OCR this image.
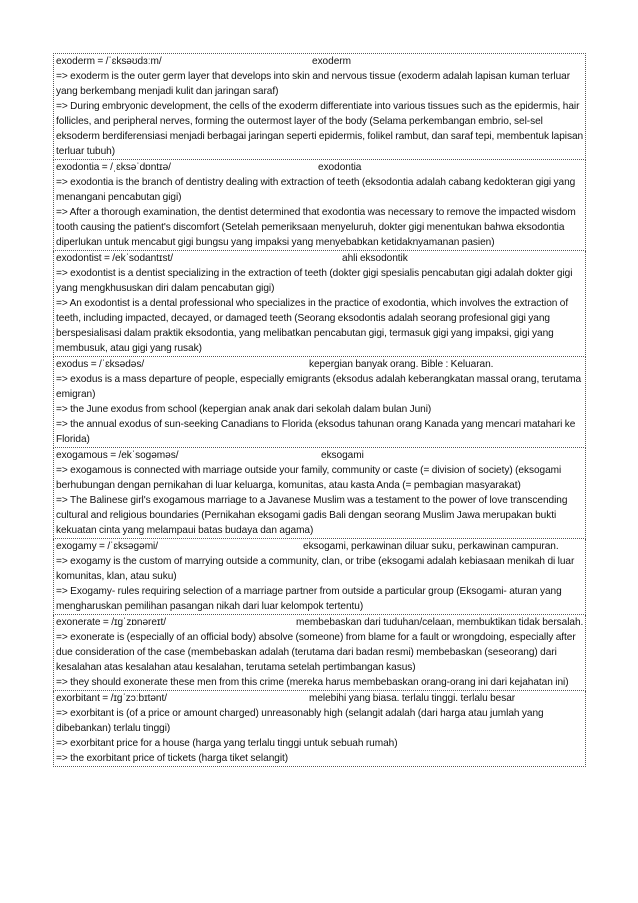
exoderm = /ˈɛksəʊdɜːm/	exoderm

=> exoderm is the outer germ layer that develops into skin and nervous tissue (exoderm adalah lapisan kuman terluar yang berkembang menjadi kulit dan jaringan saraf)

=> During embryonic development, the cells of the exoderm differentiate into various tissues such as the epidermis, hair follicles, and peripheral nerves, forming the outermost layer of the body (Selama perkembangan embrio, sel-sel eksoderm berdiferensiasi menjadi berbagai jaringan seperti epidermis, folikel rambut, dan saraf tepi, membentuk lapisan terluar tubuh)

exodontia = /ˌɛksəˈdɒntɪə/	exodontia

=> exodontia is the branch of dentistry dealing with extraction of teeth (eksodontia adalah cabang kedokteran gigi yang menangani pencabutan gigi)

=> After a thorough examination, the dentist determined that exodontia was necessary to remove the impacted wisdom tooth causing the patient's discomfort (Setelah pemeriksaan menyeluruh, dokter gigi menentukan bahwa eksodontia diperlukan untuk mencabut gigi bungsu yang impaksi yang menyebabkan ketidaknyamanan pasien)

exodontist = /ekˈsodantɪst/	ahli eksodontik

=> exodontist is a dentist specializing in the extraction of teeth (dokter gigi spesialis pencabutan gigi adalah dokter gigi yang mengkhususkan diri dalam pencabutan gigi)

=> An exodontist is a dental professional who specializes in the practice of exodontia, which involves the extraction of teeth, including impacted, decayed, or damaged teeth (Seorang eksodontis adalah seorang profesional gigi yang berspesialisasi dalam praktik eksodontia, yang melibatkan pencabutan gigi, termasuk gigi yang impaksi, gigi yang membusuk, atau gigi yang rusak)

exodus = /ˈɛksədəs/	kepergian banyak orang. Bible : Keluaran.

=> exodus is a mass departure of people, especially emigrants (eksodus adalah keberangkatan massal orang, terutama emigran)

=> the June exodus from school (kepergian anak anak dari sekolah dalam bulan Juni)

=> the annual exodus of sun-seeking Canadians to Florida (eksodus tahunan orang Kanada yang mencari matahari ke Florida)

exogamous = /ekˈsogəməs/	eksogami

=> exogamous is connected with marriage outside your family, community or caste (= division of society) (eksogami berhubungan dengan pernikahan di luar keluarga, komunitas, atau kasta Anda (= pembagian masyarakat)

=> The Balinese girl's exogamous marriage to a Javanese Muslim was a testament to the power of love transcending cultural and religious boundaries (Pernikahan eksogami gadis Bali dengan seorang Muslim Jawa merupakan bukti kekuatan cinta yang melampaui batas budaya dan agama)

exogamy = /ˈɛksəgəmi/	eksogami, perkawinan diluar suku, perkawinan campuran.

=> exogamy is the custom of marrying outside a community, clan, or tribe (eksogami adalah kebiasaan menikah di luar komunitas, klan, atau suku)

=> Exogamy- rules requiring selection of a marriage partner from outside a particular group (Eksogami- aturan yang mengharuskan pemilihan pasangan nikah dari luar kelompok tertentu)

exonerate = /ɪɡˈzɒnəreɪt/	membebaskan dari tuduhan/celaan, membuktikan tidak bersalah.

=> exonerate is (especially of an official body) absolve (someone) from blame for a fault or wrongdoing, especially after due consideration of the case (membebaskan adalah (terutama dari badan resmi) membebaskan (seseorang) dari kesalahan atas kesalahan atau kesalahan, terutama setelah pertimbangan kasus)

=> they should exonerate these men from this crime (mereka harus membebaskan orang-orang ini dari kejahatan ini)

exorbitant = /ɪɡˈzɔːbɪtənt/	melebihi yang biasa. terlalu tinggi. terlalu besar

=> exorbitant is (of a price or amount charged) unreasonably high (selangit adalah (dari harga atau jumlah yang dibebankan) terlalu tinggi)

=> exorbitant price for a house (harga yang terlalu tinggi untuk sebuah rumah)

=> the exorbitant price of tickets (harga tiket selangit)
